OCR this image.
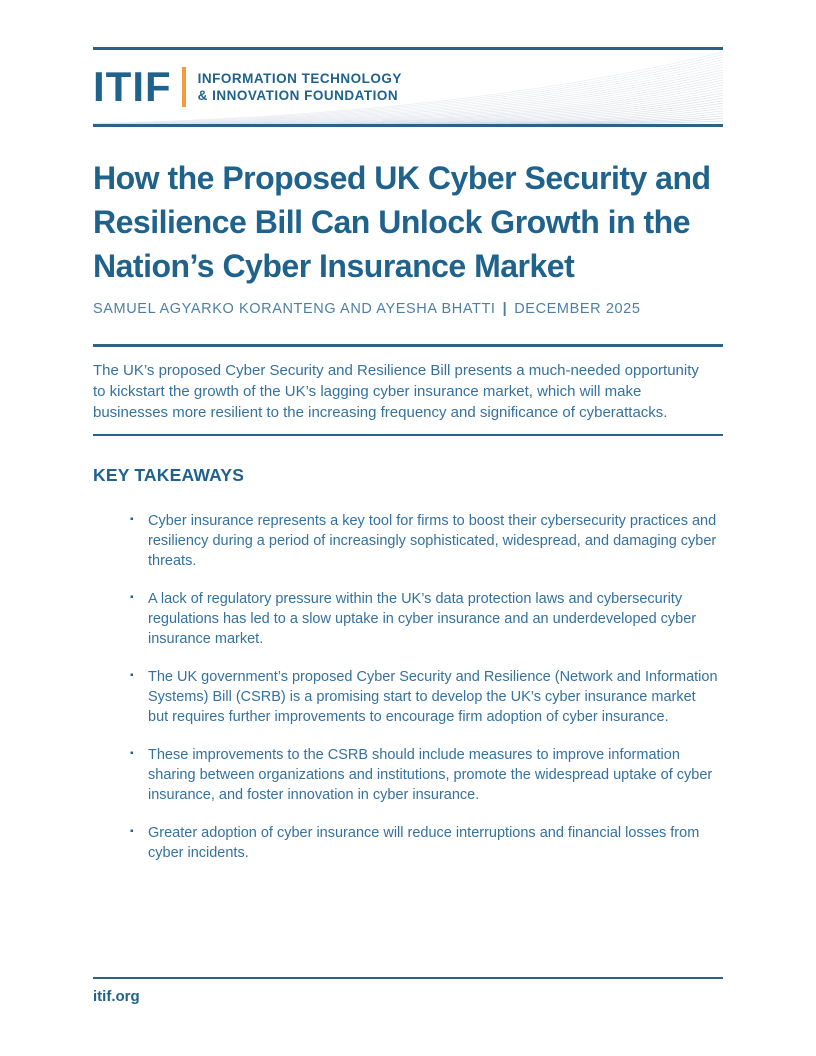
ITIF INFORMATION TECHNOLOGY
& INNOVATION FOUNDATION
How the Proposed UK Cyber Security and
Resilience Bill Can Unlock Growth in the
Nation’s Cyber Insurance Market
SAMUEL AGYARKO KORANTENG AND AYESHA BHATTI | DECEMBER 2025

The UK’s proposed Cyber Security and Resilience Bill presents a much-needed opportunity to kickstart the growth of the UK’s lagging cyber insurance market, which will make businesses more resilient to the increasing frequency and significance of cyberattacks.

KEY TAKEAWAYS
▪ Cyber insurance represents a key tool for firms to boost their cybersecurity practices and resiliency during a period of increasingly sophisticated, widespread, and damaging cyber threats.
▪ A lack of regulatory pressure within the UK’s data protection laws and cybersecurity regulations has led to a slow uptake in cyber insurance and an underdeveloped cyber insurance market.
▪ The UK government’s proposed Cyber Security and Resilience (Network and Information Systems) Bill (CSRB) is a promising start to develop the UK’s cyber insurance market but requires further improvements to encourage firm adoption of cyber insurance.
▪ These improvements to the CSRB should include measures to improve information sharing between organizations and institutions, promote the widespread uptake of cyber insurance, and foster innovation in cyber insurance.
▪ Greater adoption of cyber insurance will reduce interruptions and financial losses from cyber incidents.
itif.org
